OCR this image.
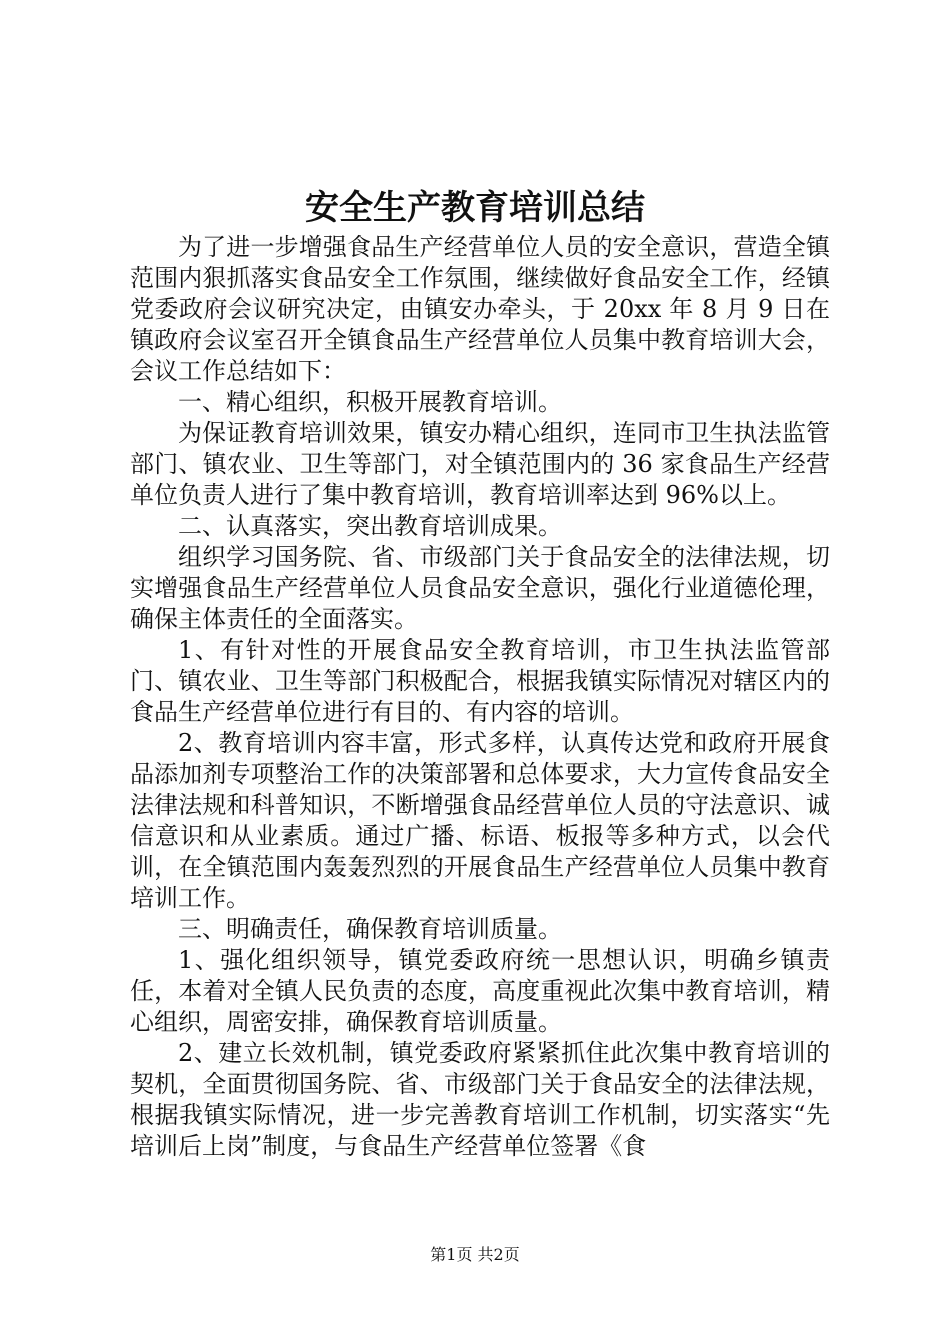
安全生产教育培训总结

为了进一步增强食品生产经营单位人员的安全意识，营造全镇范围内狠抓落实食品安全工作氛围，继续做好食品安全工作，经镇党委政府会议研究决定，由镇安办牵头，于 20xx 年 8 月 9 日在镇政府会议室召开全镇食品生产经营单位人员集中教育培训大会，会议工作总结如下：

一、精心组织，积极开展教育培训。

为保证教育培训效果，镇安办精心组织，连同市卫生执法监管部门、镇农业、卫生等部门，对全镇范围内的 36 家食品生产经营单位负责人进行了集中教育培训，教育培训率达到 96%以上。

二、认真落实，突出教育培训成果。

组织学习国务院、省、市级部门关于食品安全的法律法规，切实增强食品生产经营单位人员食品安全意识，强化行业道德伦理，确保主体责任的全面落实。

1、有针对性的开展食品安全教育培训，市卫生执法监管部门、镇农业、卫生等部门积极配合，根据我镇实际情况对辖区内的食品生产经营单位进行有目的、有内容的培训。

2、教育培训内容丰富，形式多样，认真传达党和政府开展食品添加剂专项整治工作的决策部署和总体要求，大力宣传食品安全法律法规和科普知识，不断增强食品经营单位人员的守法意识、诚信意识和从业素质。通过广播、标语、板报等多种方式，以会代训，在全镇范围内轰轰烈烈的开展食品生产经营单位人员集中教育培训工作。

三、明确责任，确保教育培训质量。

1、强化组织领导，镇党委政府统一思想认识，明确乡镇责任，本着对全镇人民负责的态度，高度重视此次集中教育培训，精心组织，周密安排，确保教育培训质量。

2、建立长效机制，镇党委政府紧紧抓住此次集中教育培训的契机，全面贯彻国务院、省、市级部门关于食品安全的法律法规，根据我镇实际情况，进一步完善教育培训工作机制，切实落实“先培训后上岗”制度，与食品生产经营单位签署《食

第1页 共2页
